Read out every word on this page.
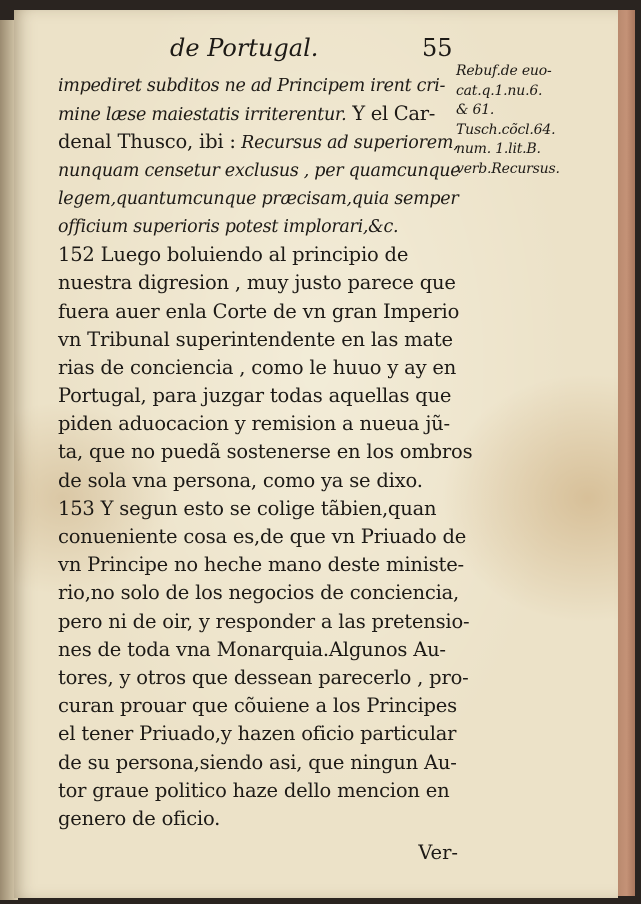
de Portugal.	55
Rebuf.de euo-
cat.q.1.nu.6.
& 61.
Tusch.cõcl.64.
num. 1.lit.B.
verb.Recursus.
impediret subditos ne ad Principem irent cri-
mine læse maiestatis irriterentur. Y el Car-
denal Thusco, ibi : Recursus ad superiorem,
nunquam censetur exclusus , per quamcunque
legem,quantumcunque præcisam,quia semper
officium superioris potest implorari,&c.
152 Luego boluiendo al principio de
nuestra digresion , muy justo parece que
fuera auer enla Corte de vn gran Imperio
vn Tribunal superintendente en las mate
rias de conciencia , como le huuo y ay en
Portugal, para juzgar todas aquellas que
piden aduocacion y remision a nueua jũ-
ta, que no puedã sostenerse en los ombros
de sola vna persona, como ya se dixo.
153 Y segun esto se colige tãbien,quan
conueniente cosa es,de que vn Priuado de
vn Principe no heche mano deste ministe-
rio,no solo de los negocios de conciencia,
pero ni de oir, y responder a las pretensio-
nes de toda vna Monarquia.Algunos Au-
tores, y otros que dessean parecerlo , pro-
curan prouar que cõuiene a los Principes
el tener Priuado,y hazen oficio particular
de su persona,siendo asi, que ningun Au-
tor graue politico haze dello mencion en
genero de oficio.
Ver-
